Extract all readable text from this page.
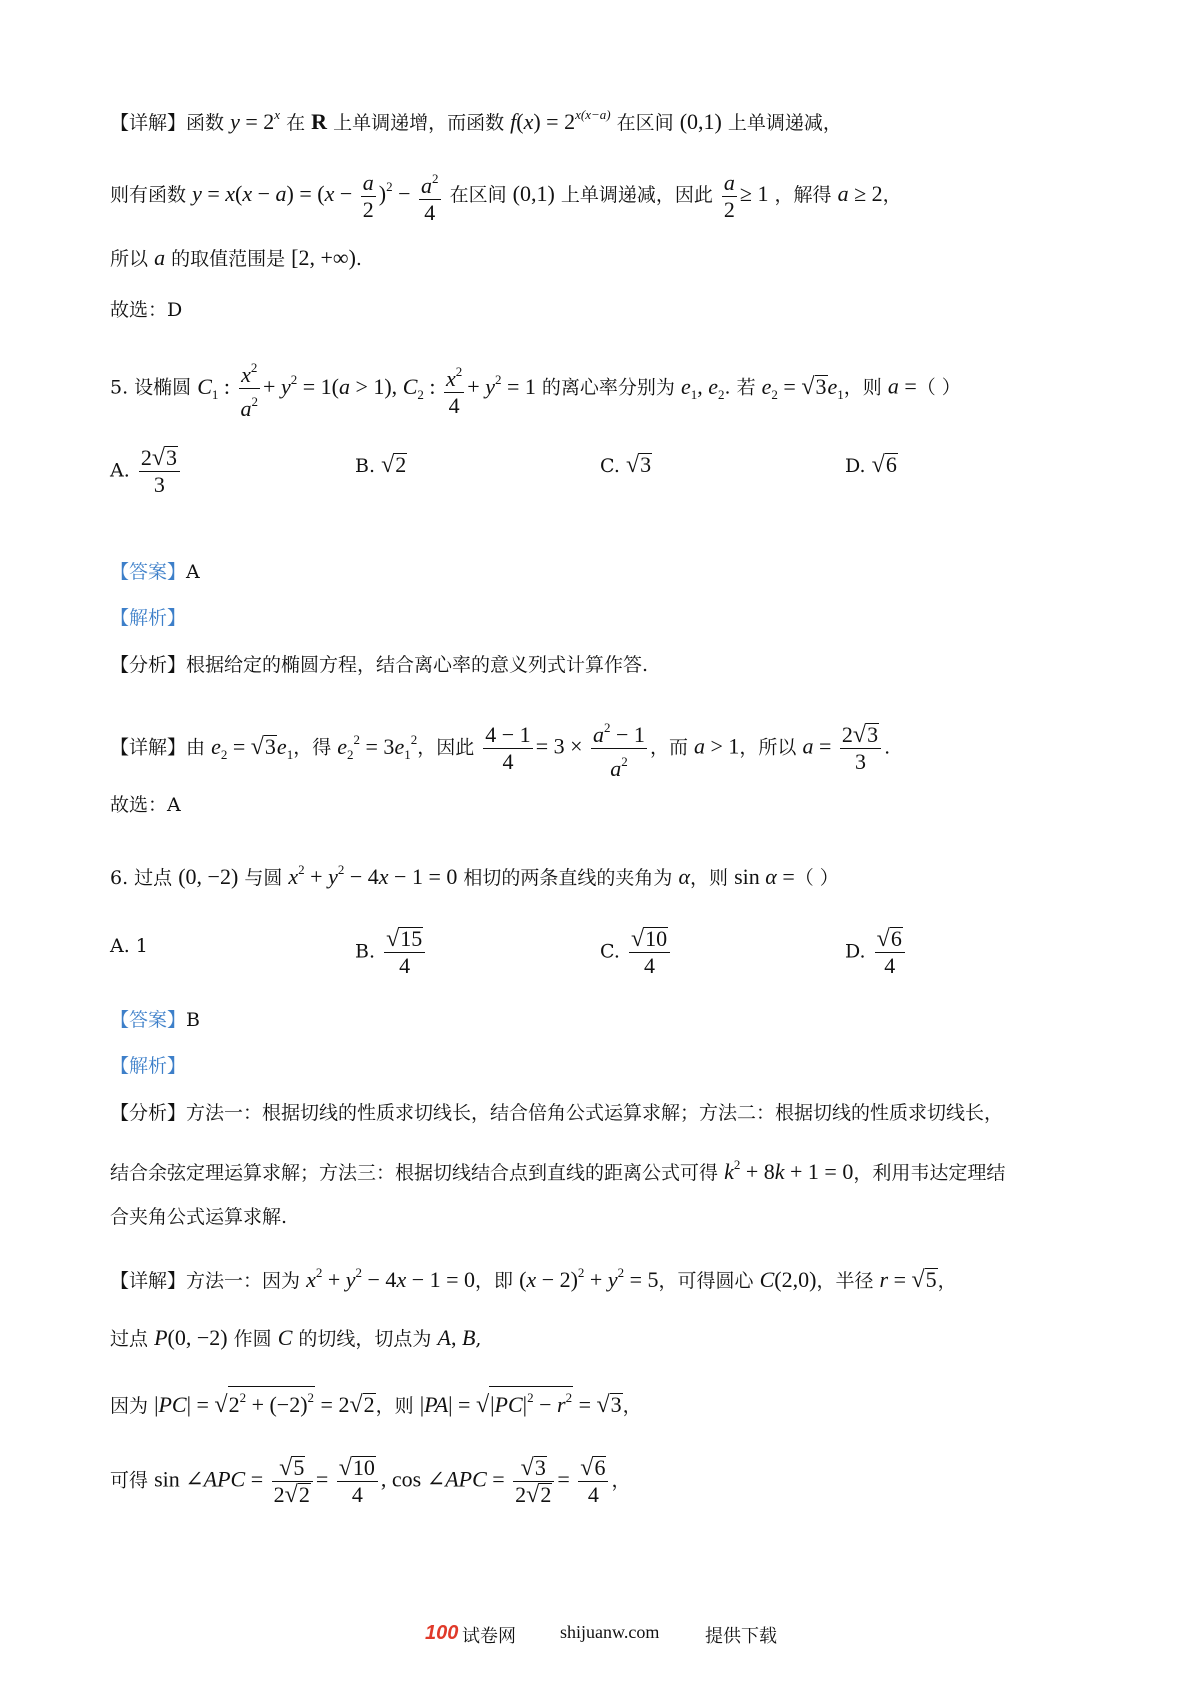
【详解】函数 $y = 2^x$ 在 R 上单调递增，而函数 $f(x) = 2^{x(x-a)}$ 在区间 (0,1) 上单调递减，
则有函数 $y = x(x - a) = (x - \frac{a}{2} )^2 - \frac{a^2}{4}$ 在区间 (0,1) 上单调递减，因此 $\frac{a}{2} \ge 1$ ，解得 a ≥ 2，
所以 a 的取值范围是 [2, +∞).
故选：D
5. 设椭圆 $C_1$ : $\frac{x^2}{a^2} + y^2 = 1(a > 1)$, $C_2$ : $\frac{x^2}{4} + y^2 = 1$ 的离心率分别为 $e_1$, $e_2$. 若 $e_2 = √3e_1$，则 a =（ ）
A. $\frac{2√3}{3}$	B. √2	C. √3	D. √6
【答案】A
【解析】
【分析】根据给定的椭圆方程，结合离心率的意义列式计算作答.
【详解】由 $e_2 = √3e_1$，得 $e_2^2 = 3e_1^2$，因此 $\frac{4 - 1}{4} = 3 \times \frac{a^2 - 1}{a^2}$ ，而 a > 1，所以 $a = \frac{2√3}{3}$ .
故选：A
6. 过点 (0, −2) 与圆 $x^2 + y^2 - 4x - 1 = 0$ 相切的两条直线的夹角为 α，则 sin α =（ ）
A. 1	B. $\frac{√15}{4}$	C. $\frac{√10}{4}$	D. $\frac{√6}{4}$
【答案】B
【解析】
【分析】方法一：根据切线的性质求切线长，结合倍角公式运算求解；方法二：根据切线的性质求切线长，
结合余弦定理运算求解；方法三：根据切线结合点到直线的距离公式可得 $k^2 + 8k + 1 = 0$，利用韦达定理结
合夹角公式运算求解.
【详解】方法一：因为 $x^2 + y^2 - 4x - 1 = 0$，即 $(x - 2)^2 + y^2 = 5$，可得圆心 C(2,0)，半径 r = √5，
过点 P(0, −2) 作圆 C 的切线，切点为 A, B,
因为 $|PC| = √2^2 + (-2)^2 = 2√2$，则 $|PA| = √|PC|^2 - r^2 = √3$，
可得 sin ∠APC = $\frac{√5}{2√2} = \frac{√10}{4}$ , cos ∠APC = $\frac{√3}{2√2} = \frac{√6}{4}$ ，
100 试卷网 shijuanw.com	提供下载
